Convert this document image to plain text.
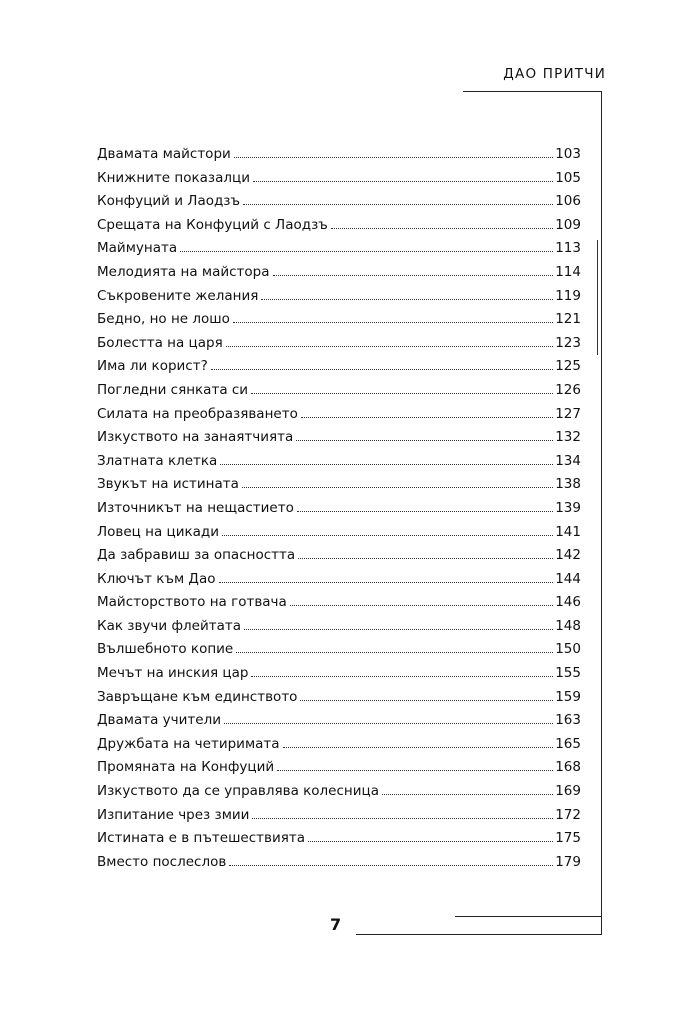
ДАО ПРИТЧИ
Двамата майстори	103
Книжните показалци	105
Конфуций и Лаодзъ	106
Срещата на Конфуций с Лаодзъ	109
Маймуната	113
Мелодията на майстора	114
Съкровените желания	119
Бедно, но не лошо	121
Болестта на царя	123
Има ли корист?	125
Погледни сянката си	126
Силата на преобразяването	127
Изкуството на занаятчията	132
Златната клетка	134
Звукът на истината	138
Източникът на нещастието	139
Ловец на цикади	141
Да забравиш за опасността	142
Ключът към Дао	144
Майсторството на готвача	146
Как звучи флейтата	148
Вълшебното копие	150
Мечът на инския цар	155
Завръщане към единството	159
Двамата учители	163
Дружбата на четиримата	165
Промяната на Конфуций	168
Изкуството да се управлява колесница	169
Изпитание чрез змии	172
Истината е в пътешествията	175
Вместо послеслов	179
7
